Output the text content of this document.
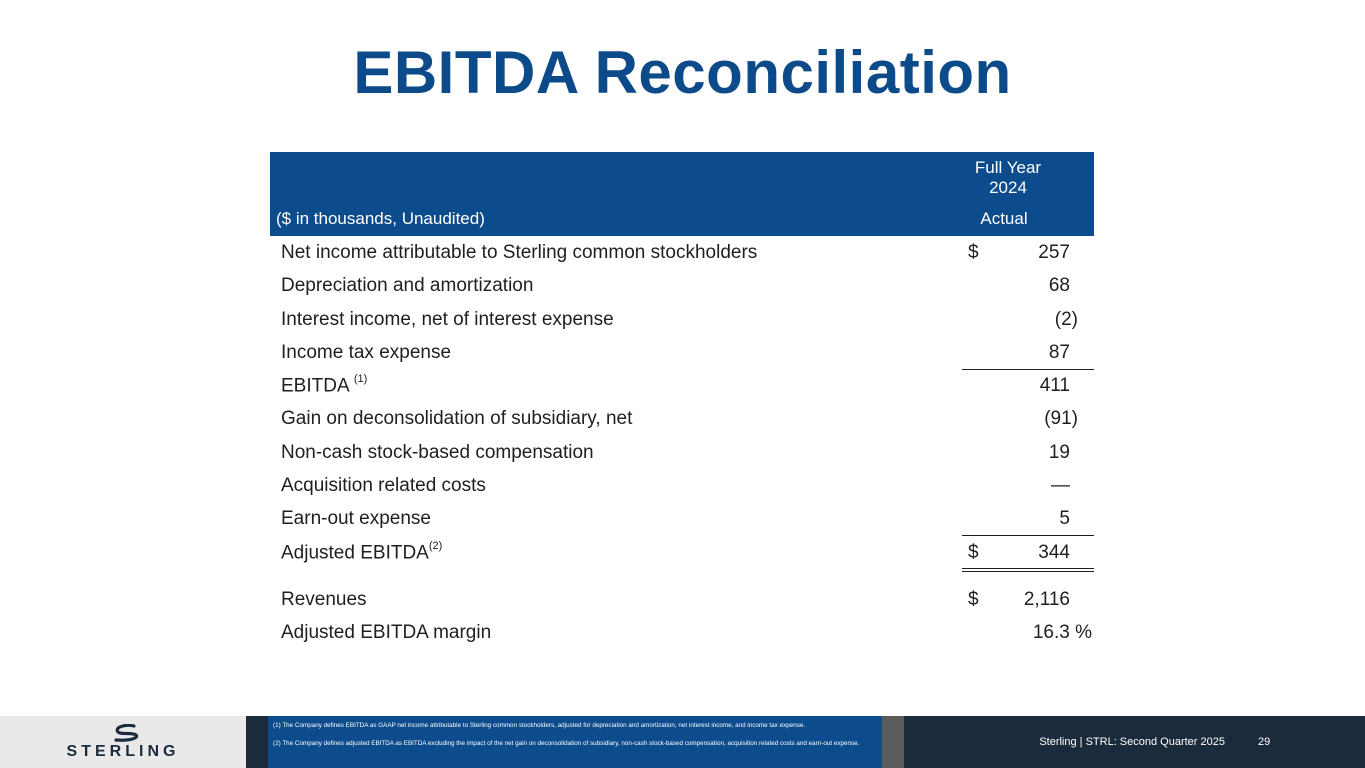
EBITDA Reconciliation
($ in thousands, Unaudited)
Full Year
2024
Actual
Net income attributable to Sterling common stockholders	$	257
Depreciation and amortization	68
Interest income, net of interest expense	(2)
Income tax expense	87
EBITDA $^{(1)}$	411
Gain on deconsolidation of subsidiary, net	(91)
Non-cash stock-based compensation	19
Acquisition related costs	—
Earn-out expense	5
Adjusted EBITDA$^{(2)}$	$	344
Revenues	$ 2,116
Adjusted EBITDA margin	16.3 %
STERLING
(1) The Company defines EBITDA as GAAP net income attributable to Sterling common stockholders, adjusted for depreciation and amortization, net interest income, and income tax expense.
(2) The Company defines adjusted EBITDA as EBITDA excluding the impact of the net gain on deconsolidation of subsidiary, non-cash stock-based compensation, acquisition related costs and earn-out expense.	Sterling | STRL: Second Quarter 2025	29
